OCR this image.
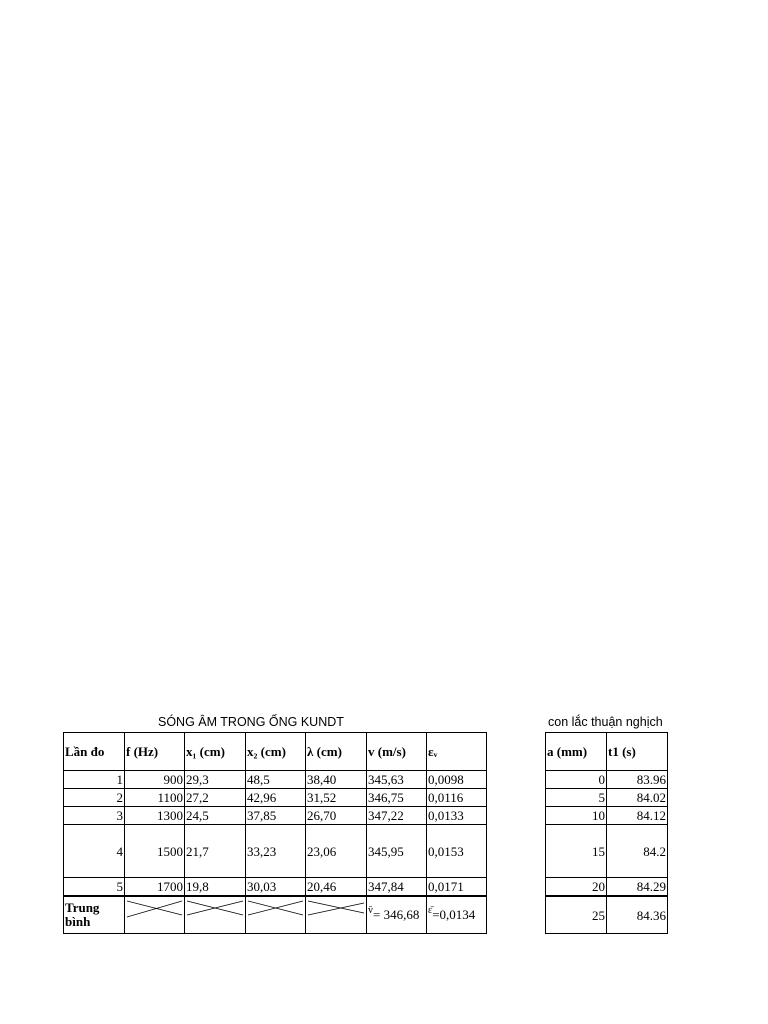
SÓNG ÂM TRONG ỐNG KUNDT	con lắc thuận nghịch
Lần đo	f (Hz)	x₁ (cm)	x₂ (cm)	λ (cm)	v (m/s)	εᵥ
1	900	29,3	48,5	38,40	345,63	0,0098
2	1100	27,2	42,96	31,52	346,75	0,0116
3	1300	24,5	37,85	26,70	347,22	0,0133
4	1500	21,7	33,23	23,06	345,95	0,0153
5	1700	19,8	30,03	20,46	347,84	0,0171
Trung bình					$^{v̄}$= 346,68	$^{\varepsilon̄}$=0,0134
a (mm)	t1 (s)
0	83.96
5	84.02
10	84.12
15	84.2
20	84.29
25	84.36
